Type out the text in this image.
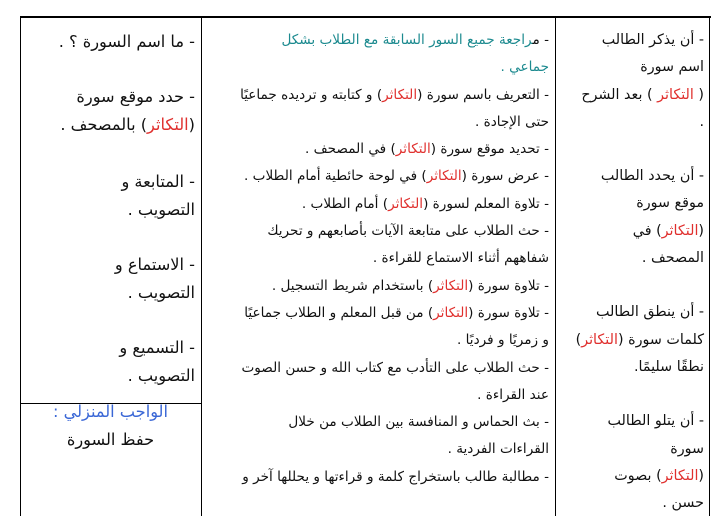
- أن يذكر الطالب
اسم سورة
( التكاثر ) بعد الشرح
.
- أن يحدد الطالب
موقع سورة
(التكاثر) في
المصحف .
- أن ينطق الطالب
كلمات سورة (التكاثر)
نطقًا سليمًا.
- أن يتلو الطالب
سورة
(التكاثر) بصوت
حسن .
- مراجعة جميع السور السابقة مع الطلاب بشكل
جماعي .
- التعريف باسم سورة (التكاثر) و كتابته و ترديده جماعيًا
حتى الإجادة .
- تحديد موقع سورة (التكاثر) في المصحف .
- عرض سورة (التكاثر) في لوحة حائطية أمام الطلاب .
- تلاوة المعلم لسورة (التكاثر) أمام الطلاب .
- حث الطلاب على متابعة الآيات بأصابعهم و تحريك
شفاههم أثناء الاستماع للقراءة .
- تلاوة سورة (التكاثر) باستخدام شريط التسجيل .
- تلاوة سورة (التكاثر) من قبل المعلم و الطلاب جماعيًا
و زمريًا و فرديًا .
- حث الطلاب على التأدب مع كتاب الله و حسن الصوت
عند القراءة .
- بث الحماس و المنافسة بين الطلاب من خلال
القراءات الفردية .
- مطالبة طالب باستخراج كلمة و قراءتها و يحللها آخر و
- ما اسم السورة ؟ .
- حدد موقع سورة
(التكاثر) بالمصحف .
- المتابعة و
التصويب .
- الاستماع و
التصويب .
- التسميع و
التصويب .
الواجب المنزلي :
حفظ السورة
